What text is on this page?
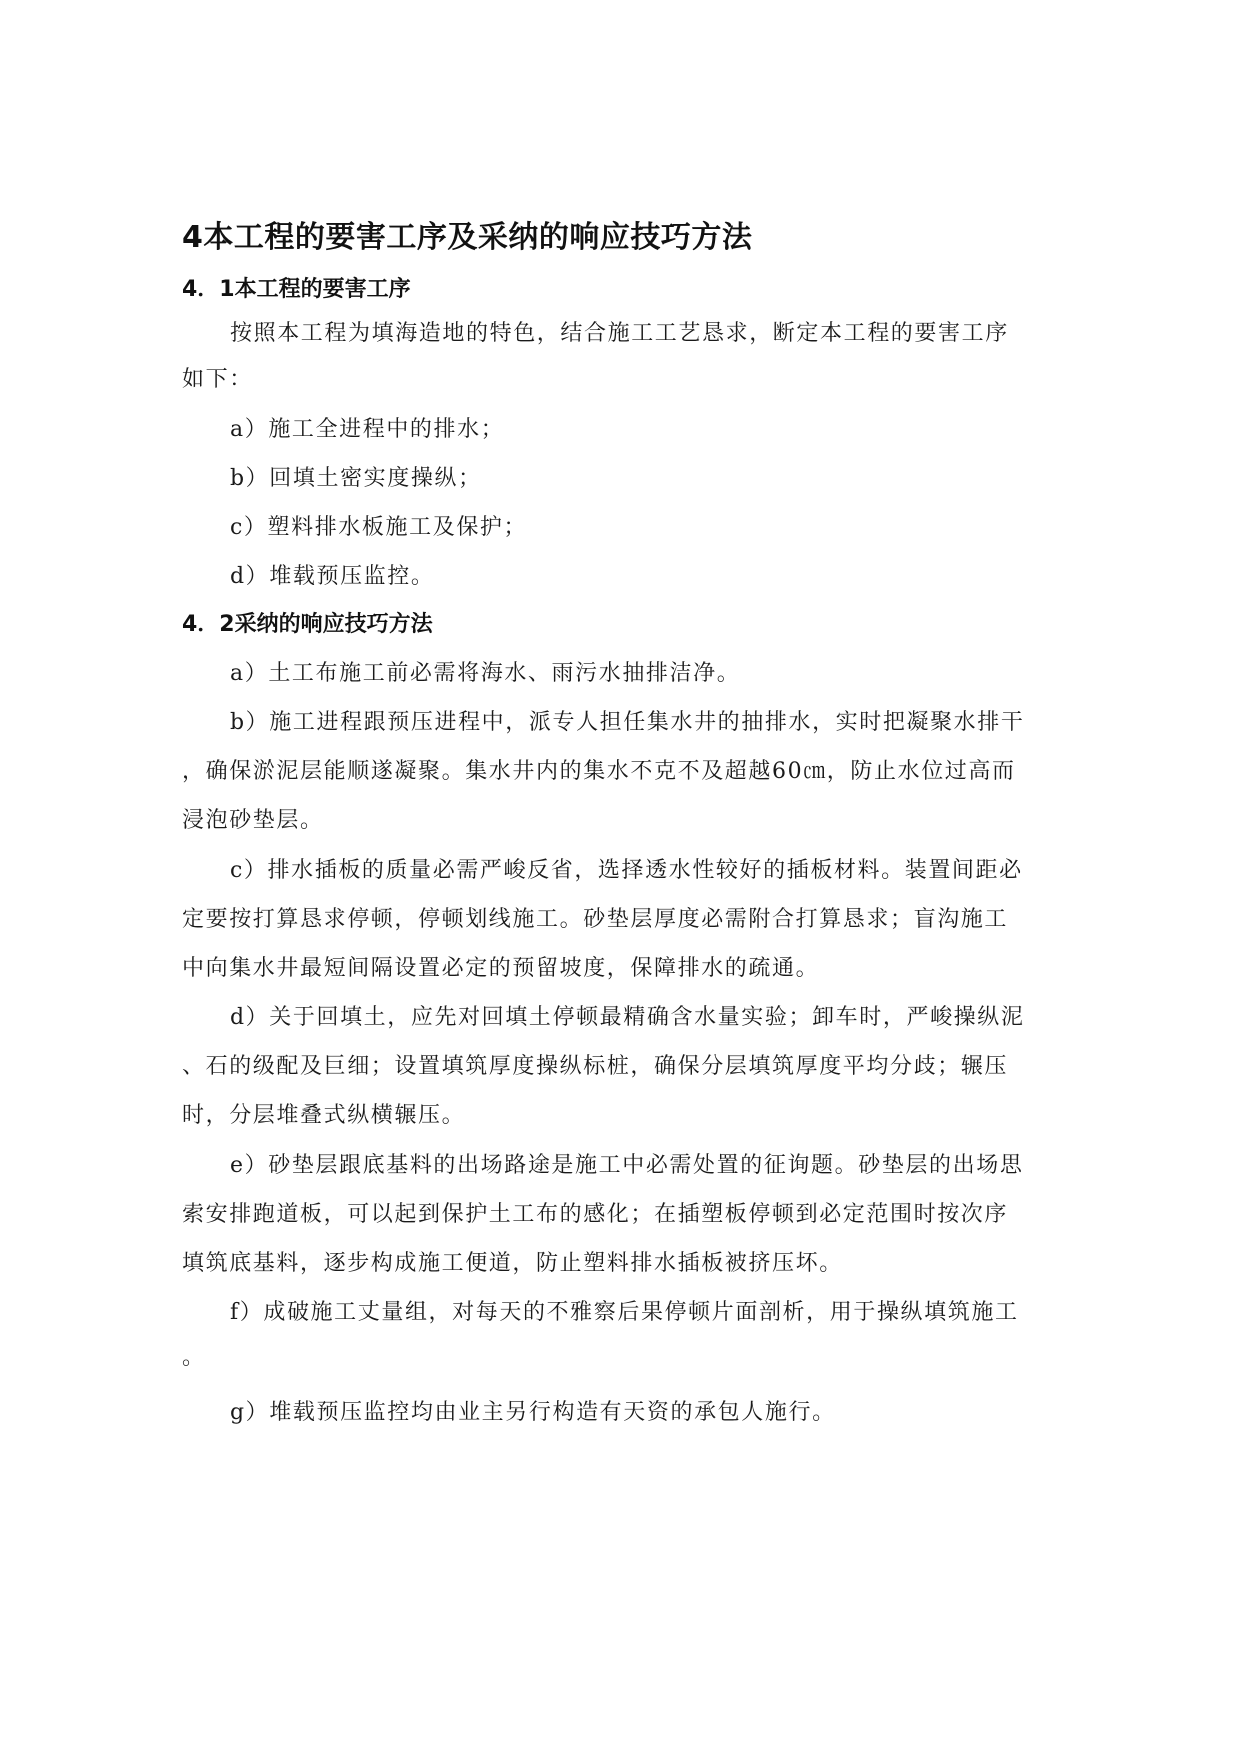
4本工程的要害工序及采纳的响应技巧方法
4．1本工程的要害工序
按照本工程为填海造地的特色，结合施工工艺恳求，断定本工程的要害工序
如下：
a）施工全进程中的排水；
b）回填土密实度操纵；
c）塑料排水板施工及保护；
d）堆载预压监控。
4．2采纳的响应技巧方法
a）土工布施工前必需将海水、雨污水抽排洁净。
b）施工进程跟预压进程中，派专人担任集水井的抽排水，实时把凝聚水排干
，确保淤泥层能顺遂凝聚。集水井内的集水不克不及超越60㎝，防止水位过高而
浸泡砂垫层。
c）排水插板的质量必需严峻反省，选择透水性较好的插板材料。装置间距必
定要按打算恳求停顿，停顿划线施工。砂垫层厚度必需附合打算恳求；盲沟施工
中向集水井最短间隔设置必定的预留坡度，保障排水的疏通。
d）关于回填土，应先对回填土停顿最精确含水量实验；卸车时，严峻操纵泥
、石的级配及巨细；设置填筑厚度操纵标桩，确保分层填筑厚度平均分歧；辗压
时，分层堆叠式纵横辗压。
e）砂垫层跟底基料的出场路途是施工中必需处置的征询题。砂垫层的出场思
索安排跑道板，可以起到保护土工布的感化；在插塑板停顿到必定范围时按次序
填筑底基料，逐步构成施工便道，防止塑料排水插板被挤压坏。
f）成破施工丈量组，对每天的不雅察后果停顿片面剖析，用于操纵填筑施工
。
g）堆载预压监控均由业主另行构造有天资的承包人施行。
